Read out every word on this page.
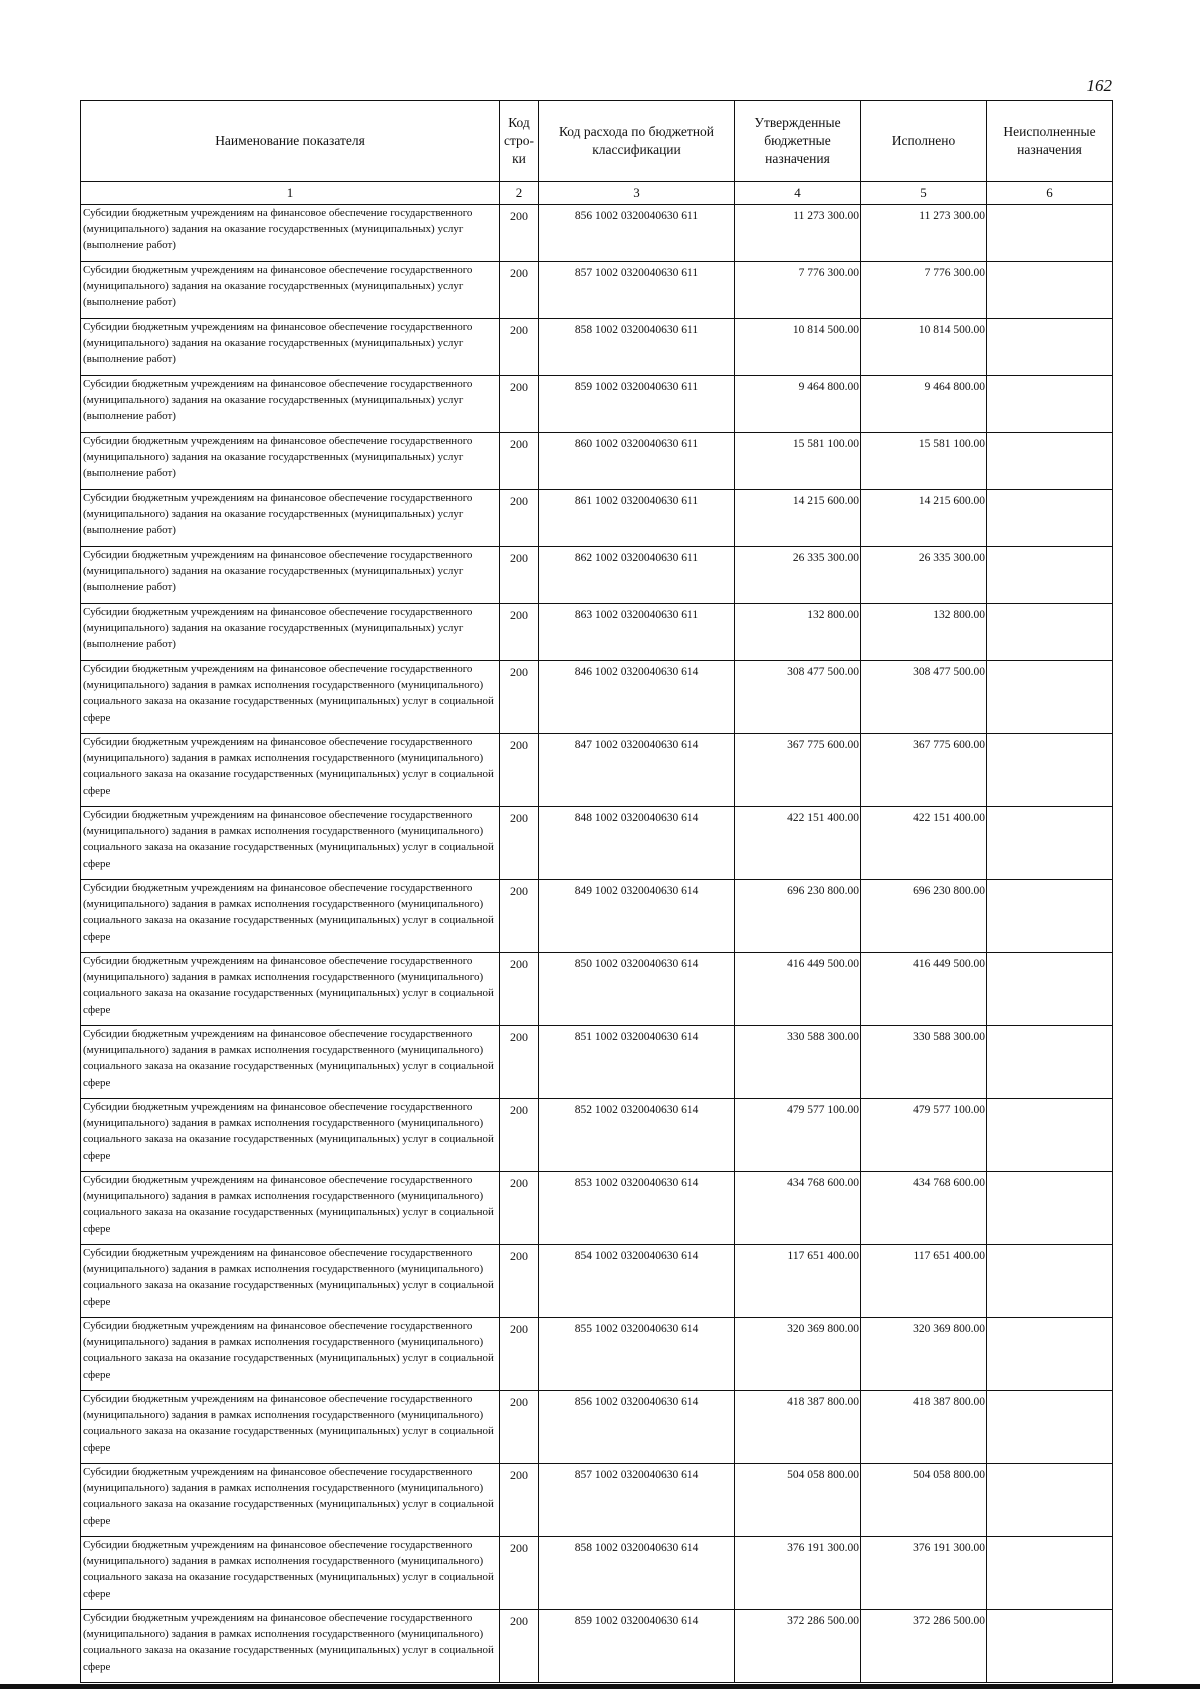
162
Наименование показателя	Код стро- ки	Код расхода по бюджетной классификации	Утвержденные бюджетные назначения	Исполнено	Неисполненные назначения
1	2	3	4	5	6
Субсидии бюджетным учреждениям на финансовое обеспечение государственного (муниципального) задания на оказание государственных (муниципальных) услуг (выполнение работ)	200	856 1002 0320040630 611	11 273 300.00	11 273 300.00	
Субсидии бюджетным учреждениям на финансовое обеспечение государственного (муниципального) задания на оказание государственных (муниципальных) услуг (выполнение работ)	200	857 1002 0320040630 611	7 776 300.00	7 776 300.00	
Субсидии бюджетным учреждениям на финансовое обеспечение государственного (муниципального) задания на оказание государственных (муниципальных) услуг (выполнение работ)	200	858 1002 0320040630 611	10 814 500.00	10 814 500.00	
Субсидии бюджетным учреждениям на финансовое обеспечение государственного (муниципального) задания на оказание государственных (муниципальных) услуг (выполнение работ)	200	859 1002 0320040630 611	9 464 800.00	9 464 800.00	
Субсидии бюджетным учреждениям на финансовое обеспечение государственного (муниципального) задания на оказание государственных (муниципальных) услуг (выполнение работ)	200	860 1002 0320040630 611	15 581 100.00	15 581 100.00	
Субсидии бюджетным учреждениям на финансовое обеспечение государственного (муниципального) задания на оказание государственных (муниципальных) услуг (выполнение работ)	200	861 1002 0320040630 611	14 215 600.00	14 215 600.00	
Субсидии бюджетным учреждениям на финансовое обеспечение государственного (муниципального) задания на оказание государственных (муниципальных) услуг (выполнение работ)	200	862 1002 0320040630 611	26 335 300.00	26 335 300.00	
Субсидии бюджетным учреждениям на финансовое обеспечение государственного (муниципального) задания на оказание государственных (муниципальных) услуг (выполнение работ)	200	863 1002 0320040630 611	132 800.00	132 800.00	
Субсидии бюджетным учреждениям на финансовое обеспечение государственного (муниципального) задания в рамках исполнения государственного (муниципального) социального заказа на оказание государственных (муниципальных) услуг в социальной сфере	200	846 1002 0320040630 614	308 477 500.00	308 477 500.00	
Субсидии бюджетным учреждениям на финансовое обеспечение государственного (муниципального) задания в рамках исполнения государственного (муниципального) социального заказа на оказание государственных (муниципальных) услуг в социальной сфере	200	847 1002 0320040630 614	367 775 600.00	367 775 600.00	
Субсидии бюджетным учреждениям на финансовое обеспечение государственного (муниципального) задания в рамках исполнения государственного (муниципального) социального заказа на оказание государственных (муниципальных) услуг в социальной сфере	200	848 1002 0320040630 614	422 151 400.00	422 151 400.00	
Субсидии бюджетным учреждениям на финансовое обеспечение государственного (муниципального) задания в рамках исполнения государственного (муниципального) социального заказа на оказание государственных (муниципальных) услуг в социальной сфере	200	849 1002 0320040630 614	696 230 800.00	696 230 800.00	
Субсидии бюджетным учреждениям на финансовое обеспечение государственного (муниципального) задания в рамках исполнения государственного (муниципального) социального заказа на оказание государственных (муниципальных) услуг в социальной сфере	200	850 1002 0320040630 614	416 449 500.00	416 449 500.00	
Субсидии бюджетным учреждениям на финансовое обеспечение государственного (муниципального) задания в рамках исполнения государственного (муниципального) социального заказа на оказание государственных (муниципальных) услуг в социальной сфере	200	851 1002 0320040630 614	330 588 300.00	330 588 300.00	
Субсидии бюджетным учреждениям на финансовое обеспечение государственного (муниципального) задания в рамках исполнения государственного (муниципального) социального заказа на оказание государственных (муниципальных) услуг в социальной сфере	200	852 1002 0320040630 614	479 577 100.00	479 577 100.00	
Субсидии бюджетным учреждениям на финансовое обеспечение государственного (муниципального) задания в рамках исполнения государственного (муниципального) социального заказа на оказание государственных (муниципальных) услуг в социальной сфере	200	853 1002 0320040630 614	434 768 600.00	434 768 600.00	
Субсидии бюджетным учреждениям на финансовое обеспечение государственного (муниципального) задания в рамках исполнения государственного (муниципального) социального заказа на оказание государственных (муниципальных) услуг в социальной сфере	200	854 1002 0320040630 614	117 651 400.00	117 651 400.00	
Субсидии бюджетным учреждениям на финансовое обеспечение государственного (муниципального) задания в рамках исполнения государственного (муниципального) социального заказа на оказание государственных (муниципальных) услуг в социальной сфере	200	855 1002 0320040630 614	320 369 800.00	320 369 800.00	
Субсидии бюджетным учреждениям на финансовое обеспечение государственного (муниципального) задания в рамках исполнения государственного (муниципального) социального заказа на оказание государственных (муниципальных) услуг в социальной сфере	200	856 1002 0320040630 614	418 387 800.00	418 387 800.00	
Субсидии бюджетным учреждениям на финансовое обеспечение государственного (муниципального) задания в рамках исполнения государственного (муниципального) социального заказа на оказание государственных (муниципальных) услуг в социальной сфере	200	857 1002 0320040630 614	504 058 800.00	504 058 800.00	
Субсидии бюджетным учреждениям на финансовое обеспечение государственного (муниципального) задания в рамках исполнения государственного (муниципального) социального заказа на оказание государственных (муниципальных) услуг в социальной сфере	200	858 1002 0320040630 614	376 191 300.00	376 191 300.00	
Субсидии бюджетным учреждениям на финансовое обеспечение государственного (муниципального) задания в рамках исполнения государственного (муниципального) социального заказа на оказание государственных (муниципальных) услуг в социальной сфере	200	859 1002 0320040630 614	372 286 500.00	372 286 500.00	
